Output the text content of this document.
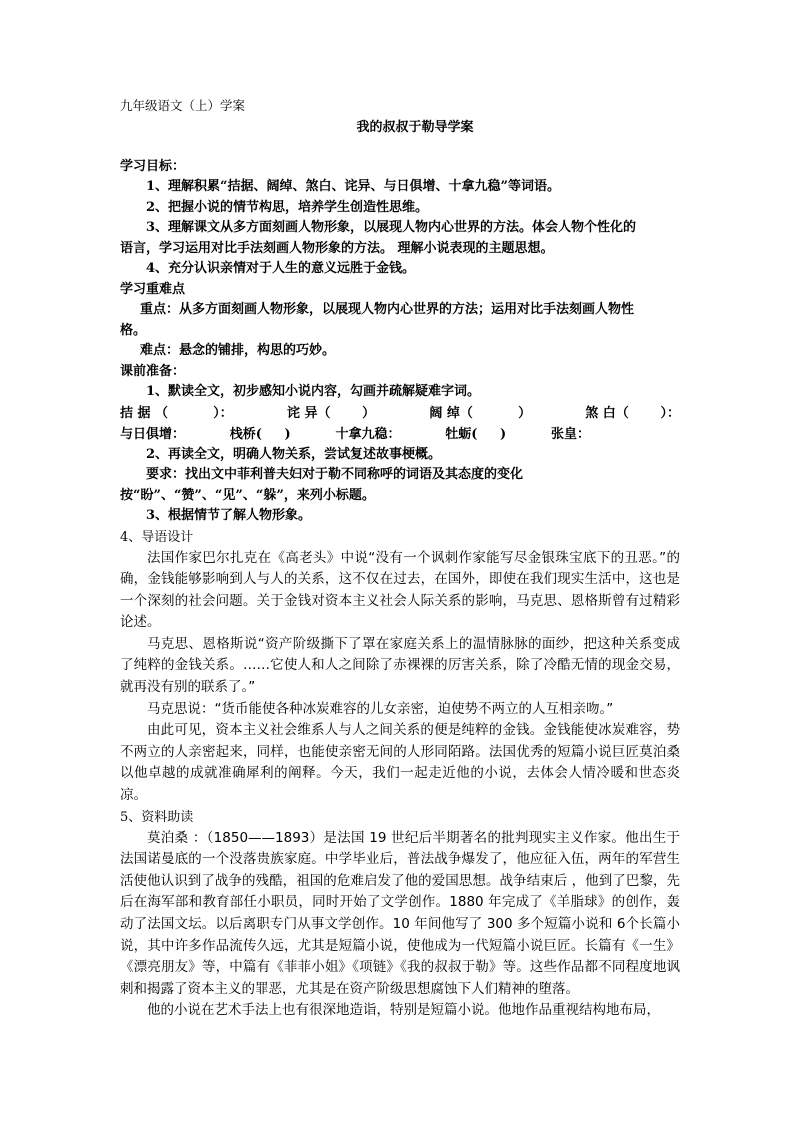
九年级语文（上）学案
我的叔叔于勒导学案
学习目标：
1、理解积累“拮据、阔绰、煞白、诧异、与日俱增、十拿九稳”等词语。
2、把握小说的情节构思，培养学生创造性思维。
3、理解课文从多方面刻画人物形象，以展现人物内心世界的方法。体会人物个性化的
语言，学习运用对比手法刻画人物形象的方法。 理解小说表现的主题思想。
4、充分认识亲情对于人生的意义远胜于金钱。
学习重难点
重点：从多方面刻画人物形象，以展现人物内心世界的方法；运用对比手法刻画人物性
格。
难点：悬念的铺排，构思的巧妙。
课前准备：
1、默读全文，初步感知小说内容，勾画并疏解疑难字词。
拮 据 （          ）：	诧 异（       ）	阔 绰（          ）	煞 白（       ）：
与日俱增：	栈桥(     )	十拿九稳：	牡蛎(     )	张皇：
2、再读全文，明确人物关系，尝试复述故事梗概。
要求：找出文中菲利普夫妇对于勒不同称呼的词语及其态度的变化
按“盼”、“赞”、“见”、“躲”，来列小标题。
3、根据情节了解人物形象。
4、导语设计
法国作家巴尔扎克在《高老头》中说“没有一个讽刺作家能写尽金银珠宝底下的丑恶。”的确，金钱能够影响到人与人的关系，这不仅在过去，在国外，即使在我们现实生活中，这也是一个深刻的社会问题。关于金钱对资本主义社会人际关系的影响，马克思、恩格斯曾有过精彩论述。
马克思、恩格斯说“资产阶级撕下了罩在家庭关系上的温情脉脉的面纱，把这种关系变成了纯粹的金钱关系。……它使人和人之间除了赤裸裸的厉害关系，除了冷酷无情的现金交易，就再没有别的联系了。”
马克思说：“货币能使各种冰炭难容的儿女亲密，迫使势不两立的人互相亲吻。”
由此可见，资本主义社会维系人与人之间关系的便是纯粹的金钱。金钱能使冰炭难容，势不两立的人亲密起来，同样，也能使亲密无间的人形同陌路。法国优秀的短篇小说巨匠莫泊桑以他卓越的成就准确犀利的阐释。今天，我们一起走近他的小说，去体会人情冷暖和世态炎凉。
5、资料助读
莫泊桑 ：（1850——1893）是法国 19 世纪后半期著名的批判现实主义作家。他出生于法国诺曼底的一个没落贵族家庭。中学毕业后，普法战争爆发了，他应征入伍，两年的军营生活使他认识到了战争的残酷，祖国的危难启发了他的爱国思想。战争结束后 ，他到了巴黎，先后在海军部和教育部任小职员，同时开始了文学创作。1880 年完成了《羊脂球》的创作，轰动了法国文坛。以后离职专门从事文学创作。10 年间他写了 300 多个短篇小说和 6个长篇小说，其中许多作品流传久远，尤其是短篇小说，使他成为一代短篇小说巨匠。长篇有《一生》《漂亮朋友》等，中篇有《菲菲小姐》《项链》《我的叔叔于勒》等。这些作品都不同程度地讽刺和揭露了资本主义的罪恶，尤其是在资产阶级思想腐蚀下人们精神的堕落。
他的小说在艺术手法上也有很深地造诣，特别是短篇小说。他地作品重视结构地布局，
